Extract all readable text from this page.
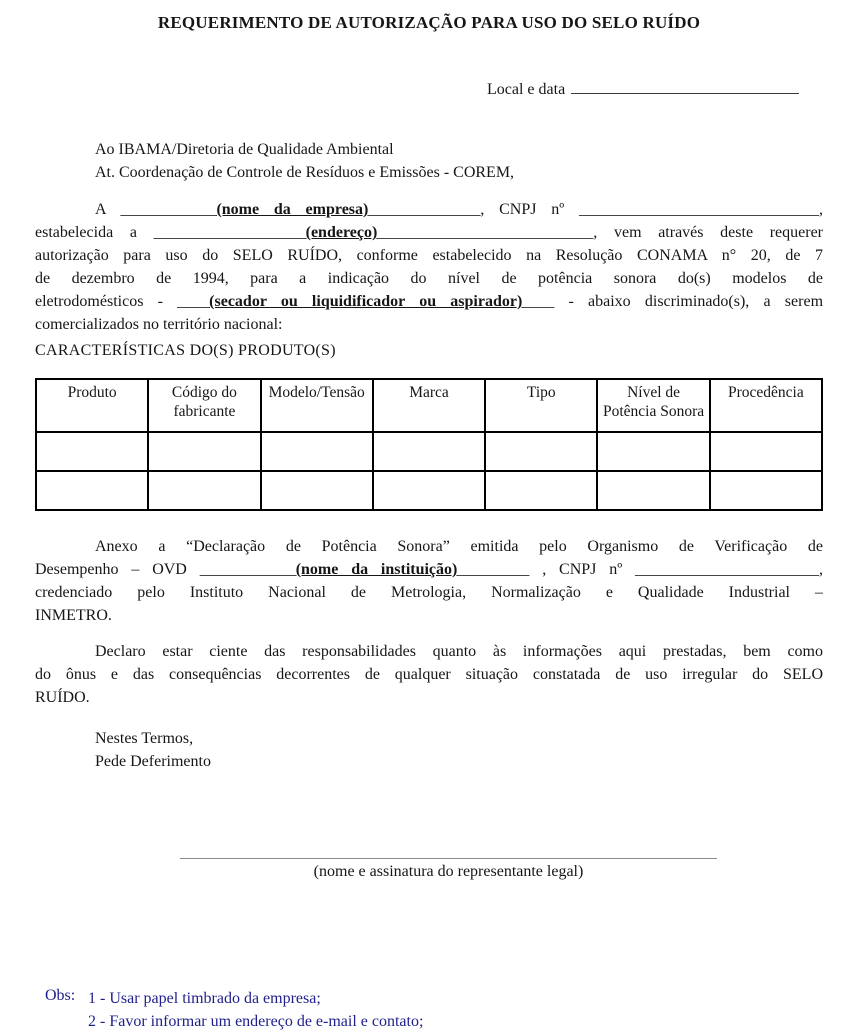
REQUERIMENTO DE AUTORIZAÇÃO PARA USO DO SELO RUÍDO
Local e data
Ao IBAMA/Diretoria de Qualidade Ambiental
At. Coordenação de Controle de Resíduos e Emissões - COREM,
A ____________(nome da empresa)______________, CNPJ nº ______________________________,
estabelecida a ___________________(endereço)___________________________, vem através deste requerer
autorização para uso do SELO RUÍDO, conforme estabelecido na Resolução CONAMA n° 20, de 7
de dezembro de 1994, para a indicação do nível de potência sonora do(s) modelos de
eletrodomésticos - ____(secador ou liquidificador ou aspirador)____ - abaixo discriminado(s), a serem
comercializados no território nacional:
CARACTERÍSTICAS DO(S) PRODUTO(S)
Produto	Código do fabricante	Modelo/Tensão	Marca	Tipo	Nível de Potência Sonora	Procedência

Anexo a “Declaração de Potência Sonora” emitida pelo Organismo de Verificação de
Desempenho – OVD ____________(nome da instituição)_________ , CNPJ nº _______________________,
credenciado pelo Instituto Nacional de Metrologia, Normalização e Qualidade Industrial –
INMETRO.
Declaro estar ciente das responsabilidades quanto às informações aqui prestadas, bem como
do ônus e das consequências decorrentes de qualquer situação constatada de uso irregular do SELO
RUÍDO.
Nestes Termos,
Pede Deferimento
(nome e assinatura do representante legal)
Obs: 1 - Usar papel timbrado da empresa;
2 - Favor informar um endereço de e-mail e contato;
